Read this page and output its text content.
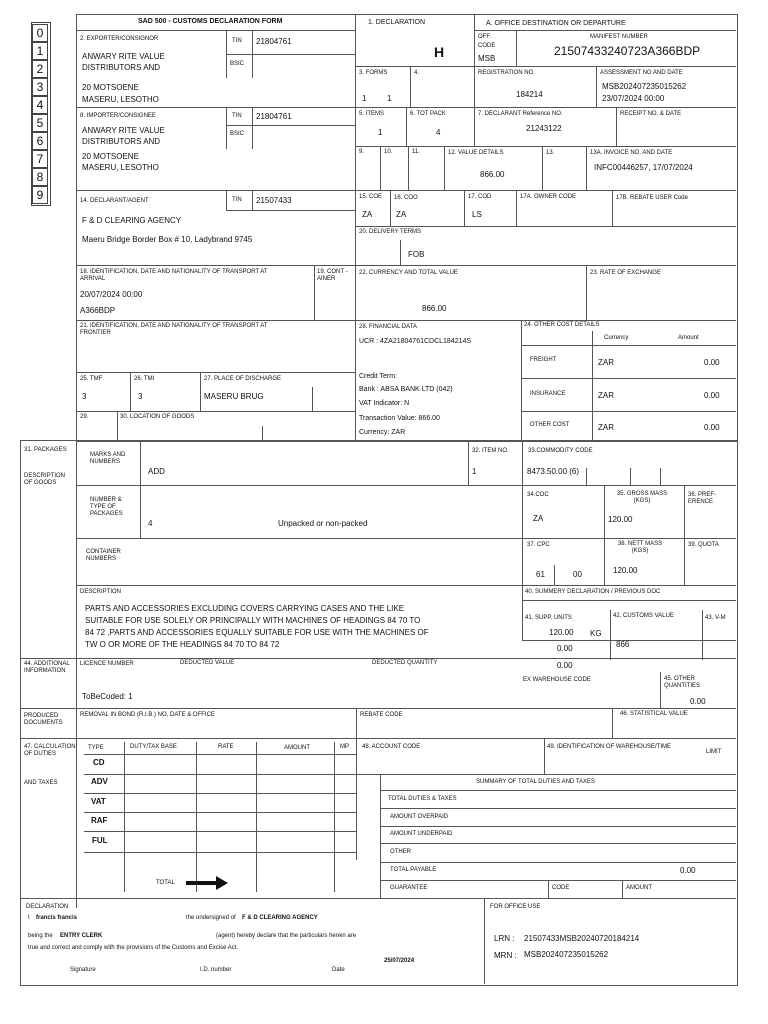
0
1
2
3
4
5
6
7
8
9
SAD 500 - CUSTOMS DECLARATION FORM
2. EXPORTER/CONSIGNOR	TIN 21804761
BSIC
ANWARY RITE VALUE
DISTRIBUTORS AND
20 MOTSOENE
MASERU, LESOTHO
1. DECLARATION
H
A. OFFICE DESTINATION OR DEPARTURE
OFF.
CODE
MSB
MANIFEST NUMBER
21507433240723A366BDP
3. FORMS	4.
1	1
REGISTRATION NO.
184214
ASSESSMENT NO AND DATE
MSB202407235015262
23/07/2024 00:00
8. IMPORTER/CONSIGNEE	TIN 21804761
BSIC
ANWARY RITE VALUE
DISTRIBUTORS AND
20 MOTSOENE
MASERU, LESOTHO
5. ITEMS
1
6. TOT PACK
4
7. DECLARANT Reference NO.
21243122
RECEIPT NO. & DATE
9.	10.	11.	12. VALUE DETAILS
866.00
13.	13A. INVOICE NO. AND DATE
INFC00446257, 17/07/2024
14. DECLARANT/AGENT	TIN 21507433
F & D CLEARING AGENCY
Maeru Bridge Border Box # 10, Ladybrand 9745
15. COE
ZA
16. COO
ZA
17. COD
LS
17A. OWNER CODE	17B. REBATE USER Code
20. DELIVERY TERMS
FOB
18. IDENTIFICATION, DATE AND NATIONALITY OF TRANSPORT AT ARRIVAL
20/07/2024 00:00
A366BDP
19. CONT -AINER
22. CURRENCY AND TOTAL VALUE
866.00
23. RATE OF EXCHANGE
21. IDENTIFICATION, DATE AND NATIONALITY OF TRANSPORT AT FRONTIER
28. FINANCIAL DATA
UCR : 4ZA21804761CDCL184214S
Credit Term:
Bank : ABSA BANK LTD (042)
VAT Indicator: N
Transaction Value: 866.00
Currency: ZAR
24. OTHER COST DETAILS
Currency	Amount
FREIGHT	ZAR	0.00
INSURANCE	ZAR	0.00
OTHER COST	ZAR	0.00
25. TMF
3
26. TMI
3
27. PLACE OF DISCHARGE
MASERU BRUG
29.	30. LOCATION OF GOODS
31. PACKAGES
DESCRIPTION OF GOODS
MARKS AND NUMBERS
ADD
32. ITEM NO.
1
33.COMMODITY CODE
8473.50.00 (6)
NUMBER & TYPE OF PACKAGES
4	Unpacked or non-packed
34.COC
ZA
35. GROSS MASS (KGS)
120.00
36. PREF- ERENCE
CONTAINER NUMBERS
37. CPC
61	00
38. NETT MASS (KGS)
120.00
39. QUOTA
DESCRIPTION
PARTS AND ACCESSORIES EXCLUDING COVERS CARRYING CASES AND THE LIKE
SUITABLE FOR USE SOLELY OR PRINCIPALLY WITH MACHINES OF HEADINGS 84 70 TO
84 72 ,PARTS AND ACCESSORIES EQUALLY SUITABLE FOR USE WITH THE MACHINES OF
TW O OR MORE OF THE HEADINGS 84 70 TO 84 72
40. SUMMERY DECLARATION / PREVIOUS DOC
41. SUPP. UNITS
120.00 KG
0.00
0.00
42. CUSTOMS VALUE
866
43. V-M
44. ADDITIONAL INFORMATION
LICENCE NUMBER	DEDUCTED VALUE	DEDUCTED QUANTITY
ToBeCoded: 1
EX WAREHOUSE CODE	45. OTHER QUANTITIES
0.00
PRODUCED DOCUMENTS
REMOVAL IN BOND (R.I.B.) NO, DATE & OFFICE	REBATE CODE	46. STATISTICAL VALUE
47. CALCULATION OF DUTIES
AND TAXES
TYPE	DUTY/TAX BASE	RATE	AMOUNT	MP
CD
ADV
VAT
RAF
FUL
TOTAL
48. ACCOUNT CODE	49. IDENTIFICATION OF WAREHOUSE/TIME
LIMIT
SUMMARY OF TOTAL DUTIES AND TAXES
TOTAL DUTIES & TAXES
AMOUNT OVERPAID
AMOUNT UNDERPAID
OTHER
TOTAL PAYABLE	0.00
GUARANTEE	CODE	AMOUNT
DECLARATION
I francis francis	the undersigned of F & D CLEARING AGENCY
being the ENTRY CLERK	(agent) hereby declare that the particulars herein are
true and correct and comply with the provisions of the Customs and Excise Act.
25/07/2024
Signature	I.D. number	Date
FOR OFFICE USE
LRN : 21507433MSB20240720184214
MRN : MSB202407235015262
